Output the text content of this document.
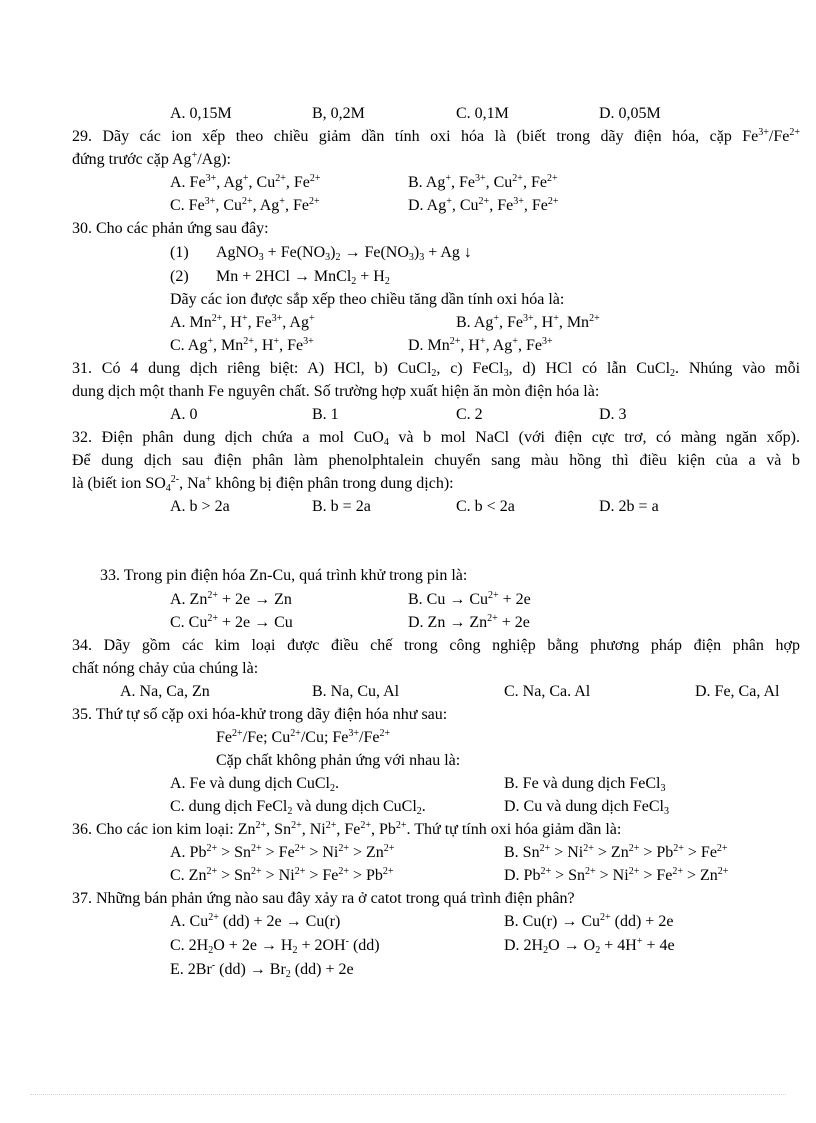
A. 0,15M	B, 0,2M	C. 0,1M	D. 0,05M
29. Dãy các ion xếp theo chiều giảm dần tính oxi hóa là (biết trong dãy điện hóa, cặp $Fe^{3+}/Fe^{2+}$
đứng trước cặp Ag+/Ag):
A. $Fe^{3+}$, Ag+, $Cu^{2+}$, $Fe^{2+}$	B. Ag+, $Fe^{3+}$, $Cu^{2+}$, $Fe^{2+}$
C. $Fe^{3+}$, $Cu^{2+}$, Ag+, $Fe^{2+}$	D. Ag+, $Cu^{2+}$, $Fe^{3+}$, $Fe^{2+}$
30. Cho các phản ứng sau đây:
(1) AgNO$_3$ + $Fe(NO_3)_2 \to Fe(NO_3)_3 + Ag$ ↓
(2) Mn + 2HCl → MnCl$_2$ + $H_2$
Dãy các ion được sắp xếp theo chiều tăng dần tính oxi hóa là:
A. $Mn^{2+}$, H+, $Fe^{3+}$, Ag+	B. Ag+, $Fe^{3+}$, H+, $Mn^{2+}$
C. Ag+, $Mn^{2+}$, H+, $Fe^{3+}$	D. $Mn^{2+}$, H+, Ag+, $Fe^{3+}$
31. Có 4 dung dịch riêng biệt: A) HCl, b) CuCl$_2$, c) FeCl$_3$, d) HCl có lẫn CuCl$_2$. Nhúng vào mỗi
dung dịch một thanh Fe nguyên chất. Số trường hợp xuất hiện ăn mòn điện hóa là:
A. 0	B. 1	C. 2	D. 3
32. Điện phân dung dịch chứa a mol CuO$_4$ và b mol NaCl (với điện cực trơ, có màng ngăn xốp).
Để dung dịch sau điện phân làm phenolphtalein chuyển sang màu hồng thì điều kiện của a và b
là (biết ion $SO_4^{2-}$, Na+ không bị điện phân trong dung dịch):
A. b > 2a	B. b = 2a	C. b < 2a	D. 2b = a
33. Trong pin điện hóa Zn-Cu, quá trình khử trong pin là:
A. $Zn^{2+} + 2e \to Zn$	B. $Cu \to Cu^{2+} + 2e$
C. $Cu^{2+} + 2e \to Cu$	D. $Zn \to Zn^{2+} + 2e$
34. Dãy gồm các kim loại được điều chế trong công nghiệp bằng phương pháp điện phân hợp
chất nóng chảy của chúng là:
A. Na, Ca, Zn	B. Na, Cu, Al	C. Na, Ca. Al	D. Fe, Ca, Al
35. Thứ tự số cặp oxi hóa-khử trong dãy điện hóa như sau:
$Fe^{2+}/Fe$; $Cu^{2+}/Cu$; $Fe^{3+}/Fe^{2+}$
Cặp chất không phản ứng với nhau là:
A. Fe và dung dịch CuCl$_2$.	B. Fe và dung dịch FeCl$_3$
C. dung dịch FeCl$_2$ và dung dịch CuCl$_2$.	D. Cu và dung dịch FeCl$_3$
36. Cho các ion kim loại: $Zn^{2+}$, $Sn^{2+}$, $Ni^{2+}$, $Fe^{2+}$, $Pb^{2+}$. Thứ tự tính oxi hóa giảm dần là:
A. $Pb^{2+} > Sn^{2+} > Fe^{2+} > Ni^{2+} > Zn^{2+}$	B. $Sn^{2+} > Ni^{2+} > Zn^{2+} > Pb^{2+} > Fe^{2+}$
C. $Zn^{2+} > Sn^{2+} > Ni^{2+} > Fe^{2+} > Pb^{2+}$	D. $Pb^{2+} > Sn^{2+} > Ni^{2+} > Fe^{2+} > Zn^{2+}$
37. Những bán phản ứng nào sau đây xảy ra ở catot trong quá trình điện phân?
A. $Cu^{2+}$ (dd) + 2e → Cu(r)	B. $Cu(r) \to Cu^{2+}$ (dd) + 2e
C. $2H_2O + 2e \to H_2 + 2OH^-$ (dd)	D. $2H_2O \to O_2 + 4H^+ + 4e$
E. 2Br- $(dd) \to Br_2$ (dd) + 2e
